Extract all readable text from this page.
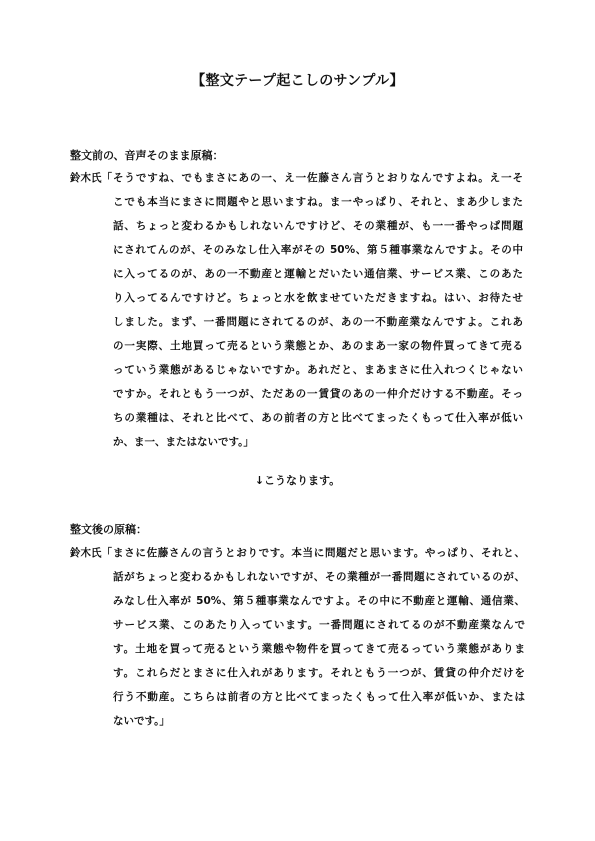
【整文テープ起こしのサンプル】
整文前の、音声そのまま原稿：
鈴木氏「 そうですね、でもまさにあの一、え一佐藤さん言うとおりなんですよね。え一そ
こでも本当にまさに問題やと思いますね。ま一やっぱり、それと、まあ少しまた
話、ちょっと変わるかもしれないんですけど、その業種が、も一一番やっぱ問題
にされてんのが、そのみなし仕入率がその 50%、第５種事業なんですよ。その中
に入ってるのが、あの一不動産と運輸とだいたい通信業、サービス業、このあた
り入ってるんですけど。ちょっと水を飲ませていただきますね。はい、お待たせ
しました。まず、一番問題にされてるのが、あの一不動産業なんですよ。これあ
の一実際、土地買って売るという業態とか、あのまあ一家の物件買ってきて売る
っていう業態があるじゃないですか。あれだと、まあまさに仕入れつくじゃない
ですか。それともう一つが、ただあの一賃貸のあの一仲介だけする不動産。そっ
ちの業種は、それと比べて、あの前者の方と比べてまったくもって仕入率が低い
か、ま一、またはないです。」
↓こうなります。
整文後の原稿：
鈴木氏「 まさに佐藤さんの言うとおりです。本当に問題だと思います。やっぱり、それと、
話がちょっと変わるかもしれないですが、その業種が一番問題にされているのが、
みなし仕入率が 50%、第５種事業なんですよ。その中に不動産と運輸、通信業、
サービス業、このあたり入っています。一番問題にされてるのが不動産業なんで
す。土地を買って売るという業態や物件を買ってきて売るっていう業態がありま
す。これらだとまさに仕入れがあります。それともう一つが、賃貸の仲介だけを
行う不動産。こちらは前者の方と比べてまったくもって仕入率が低いか、または
ないです。」
